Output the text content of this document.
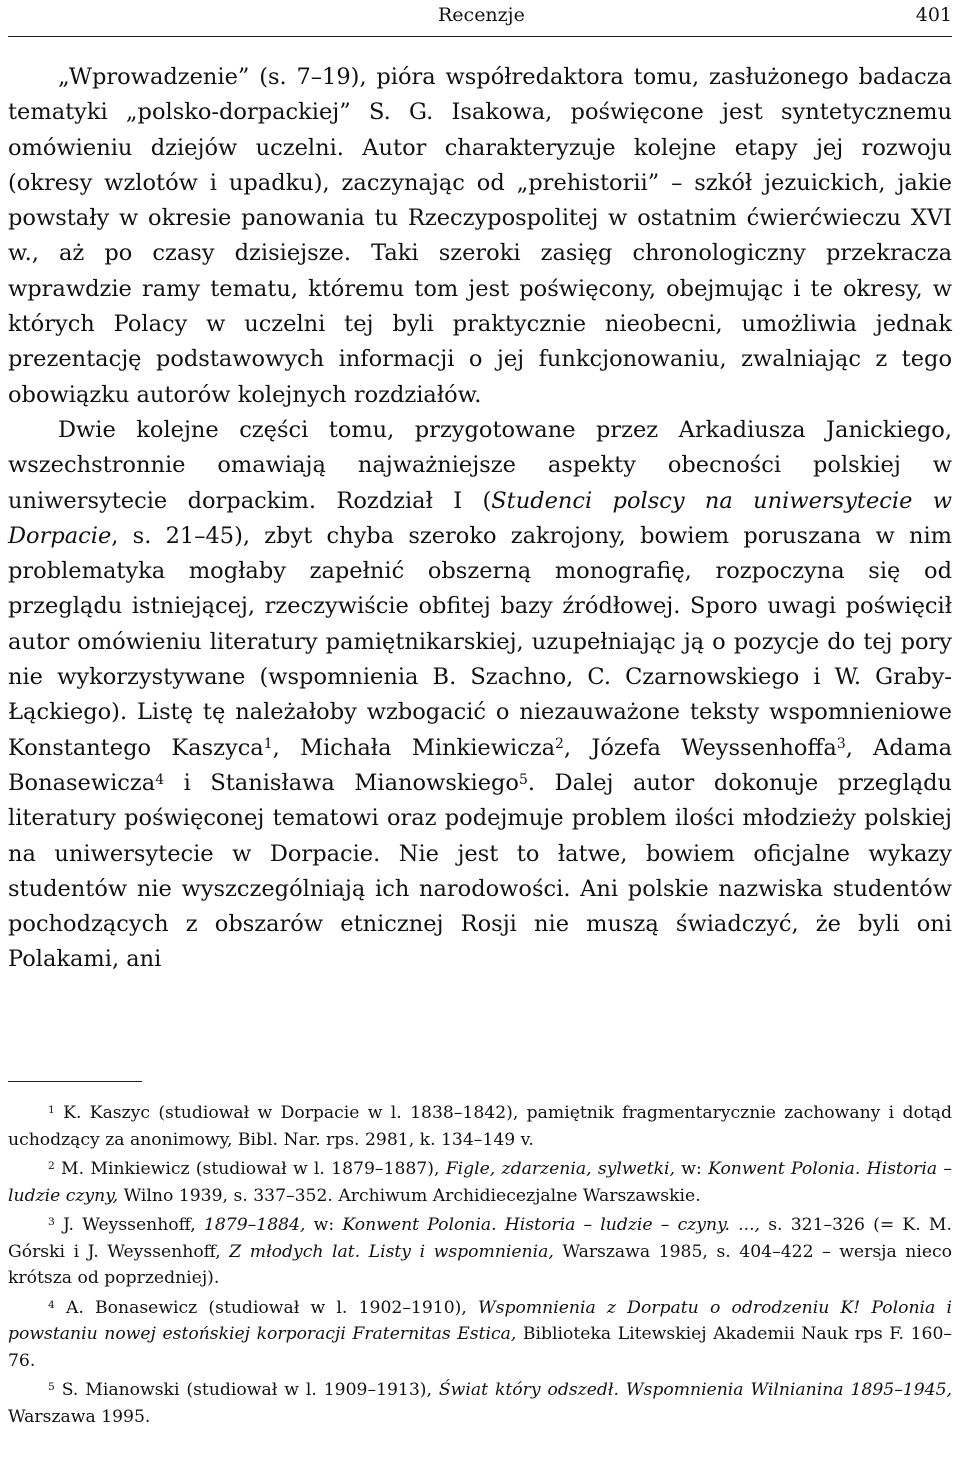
Recenzje	401

„Wprowadzenie” (s. 7–19), pióra współredaktora tomu, zasłużonego badacza tematyki „polsko-dorpackiej” S. G. Isakowa, poświęcone jest syntetycznemu omówieniu dziejów uczelni. Autor charakteryzuje kolejne etapy jej rozwoju (okresy wzlotów i upadku), zaczynając od „prehistorii” – szkół jezuickich, jakie powstały w okresie panowania tu Rzeczypospolitej w ostatnim ćwierćwieczu XVI w., aż po czasy dzisiejsze. Taki szeroki zasięg chronologiczny przekracza wprawdzie ramy tematu, któremu tom jest poświęcony, obejmując i te okresy, w których Polacy w uczelni tej byli praktycznie nieobecni, umożliwia jednak prezentację podstawowych informacji o jej funkcjonowaniu, zwalniając z tego obowiązku autorów kolejnych rozdziałów.

Dwie kolejne części tomu, przygotowane przez Arkadiusza Janickiego, wszechstronnie omawiają najważniejsze aspekty obecności polskiej w uniwersytecie dorpackim. Rozdział I (Studenci polscy na uniwersytecie w Dorpacie, s. 21–45), zbyt chyba szeroko zakrojony, bowiem poruszana w nim problematyka mogłaby zapełnić obszerną monografię, rozpoczyna się od przeglądu istniejącej, rzeczywiście obfitej bazy źródłowej. Sporo uwagi poświęcił autor omówieniu literatury pamiętnikarskiej, uzupełniając ją o pozycje do tej pory nie wykorzystywane (wspomnienia B. Szachno, C. Czarnowskiego i W. Graby-Łąckiego). Listę tę należałoby wzbogacić o niezauważone teksty wspomnieniowe Konstantego Kaszyca$^1$, Michała Minkiewicza$^2$, Józefa Weyssenhoffa$^3$, Adama Bonasewicza$^4$ i Stanisława Mianowskiego$^5$. Dalej autor dokonuje przeglądu literatury poświęconej tematowi oraz podejmuje problem ilości młodzieży polskiej na uniwersytecie w Dorpacie. Nie jest to łatwe, bowiem oficjalne wykazy studentów nie wyszczególniają ich narodowości. Ani polskie nazwiska studentów pochodzących z obszarów etnicznej Rosji nie muszą świadczyć, że byli oni Polakami, ani

$^1$ K. Kaszyc (studiował w Dorpacie w l. 1838–1842), pamiętnik fragmentarycznie zachowany i dotąd uchodzący za anonimowy, Bibl. Nar. rps. 2981, k. 134–149 v.

$^2$ M. Minkiewicz (studiował w l. 1879–1887), Figle, zdarzenia, sylwetki, w: Konwent Polonia. Historia – ludzie czyny, Wilno 1939, s. 337–352. Archiwum Archidiecezjalne Warszawskie.

$^3$ J. Weyssenhoff, 1879–1884, w: Konwent Polonia. Historia – ludzie – czyny. ..., s. 321–326 (= K. M. Górski i J. Weyssenhoff, Z młodych lat. Listy i wspomnienia, Warszawa 1985, s. 404–422 – wersja nieco krótsza od poprzedniej).

$^4$ A. Bonasewicz (studiował w l. 1902–1910), Wspomnienia z Dorpatu o odrodzeniu K! Polonia i powstaniu nowej estońskiej korporacji Fraternitas Estica, Biblioteka Litewskiej Akademii Nauk rps F. 160–76.

$^5$ S. Mianowski (studiował w l. 1909–1913), Świat który odszedł. Wspomnienia Wilnianina 1895–1945, Warszawa 1995.
